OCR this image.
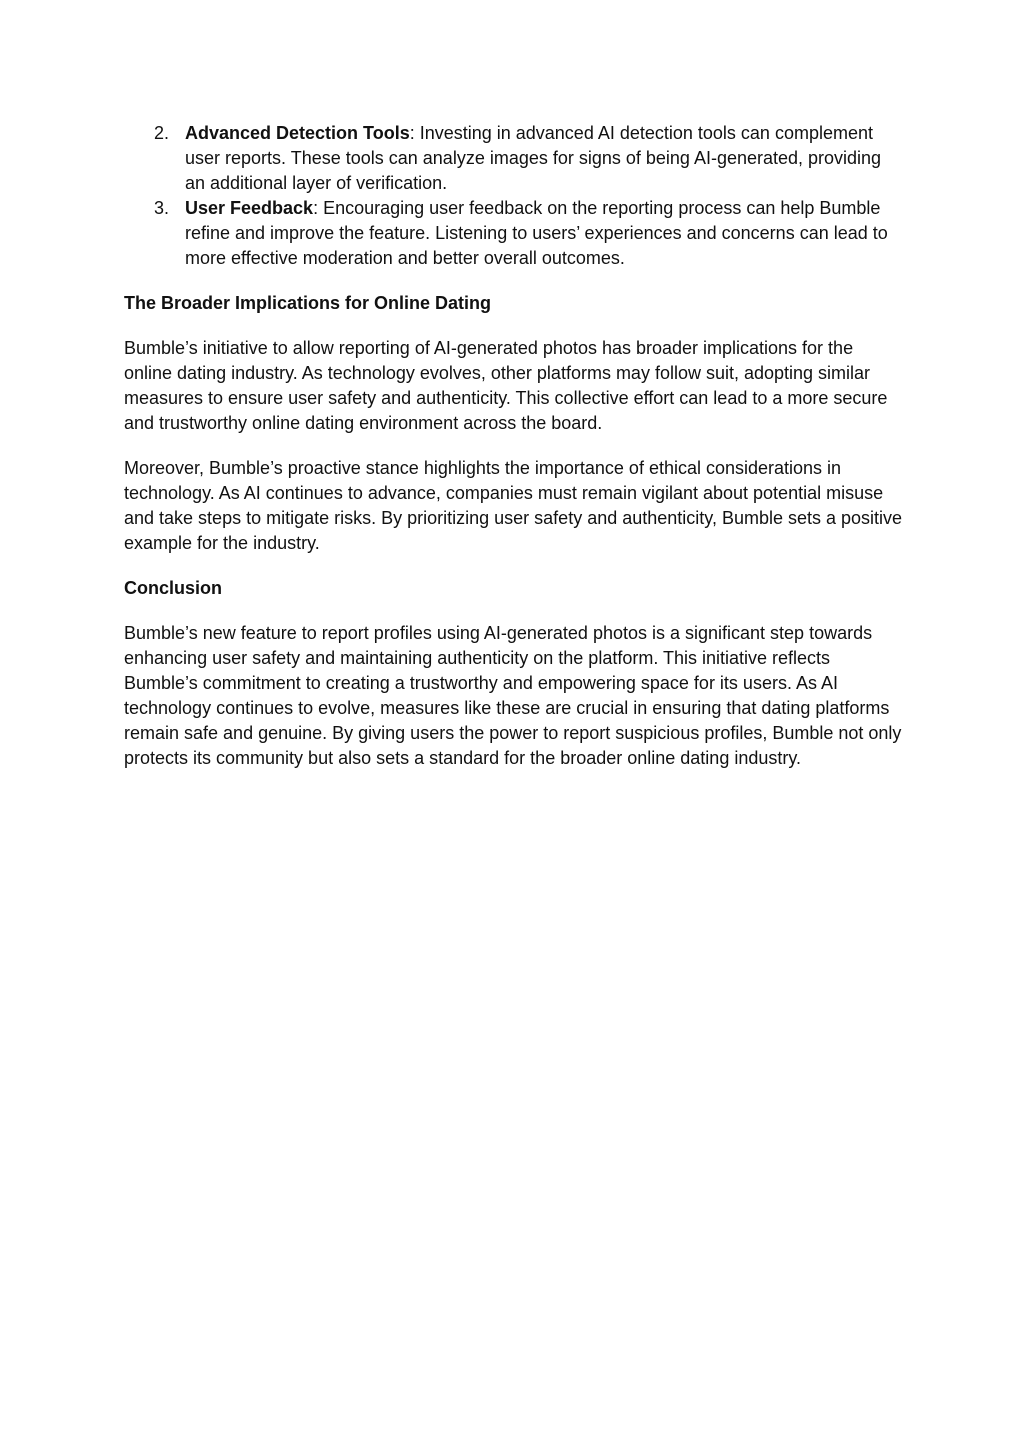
2. Advanced Detection Tools: Investing in advanced AI detection tools can complement user reports. These tools can analyze images for signs of being AI-generated, providing an additional layer of verification.
3. User Feedback: Encouraging user feedback on the reporting process can help Bumble refine and improve the feature. Listening to users’ experiences and concerns can lead to more effective moderation and better overall outcomes.
The Broader Implications for Online Dating

Bumble’s initiative to allow reporting of AI-generated photos has broader implications for the online dating industry. As technology evolves, other platforms may follow suit, adopting similar measures to ensure user safety and authenticity. This collective effort can lead to a more secure and trustworthy online dating environment across the board.

Moreover, Bumble’s proactive stance highlights the importance of ethical considerations in technology. As AI continues to advance, companies must remain vigilant about potential misuse and take steps to mitigate risks. By prioritizing user safety and authenticity, Bumble sets a positive example for the industry.

Conclusion

Bumble’s new feature to report profiles using AI-generated photos is a significant step towards enhancing user safety and maintaining authenticity on the platform. This initiative reflects Bumble’s commitment to creating a trustworthy and empowering space for its users. As AI technology continues to evolve, measures like these are crucial in ensuring that dating platforms remain safe and genuine. By giving users the power to report suspicious profiles, Bumble not only protects its community but also sets a standard for the broader online dating industry.
